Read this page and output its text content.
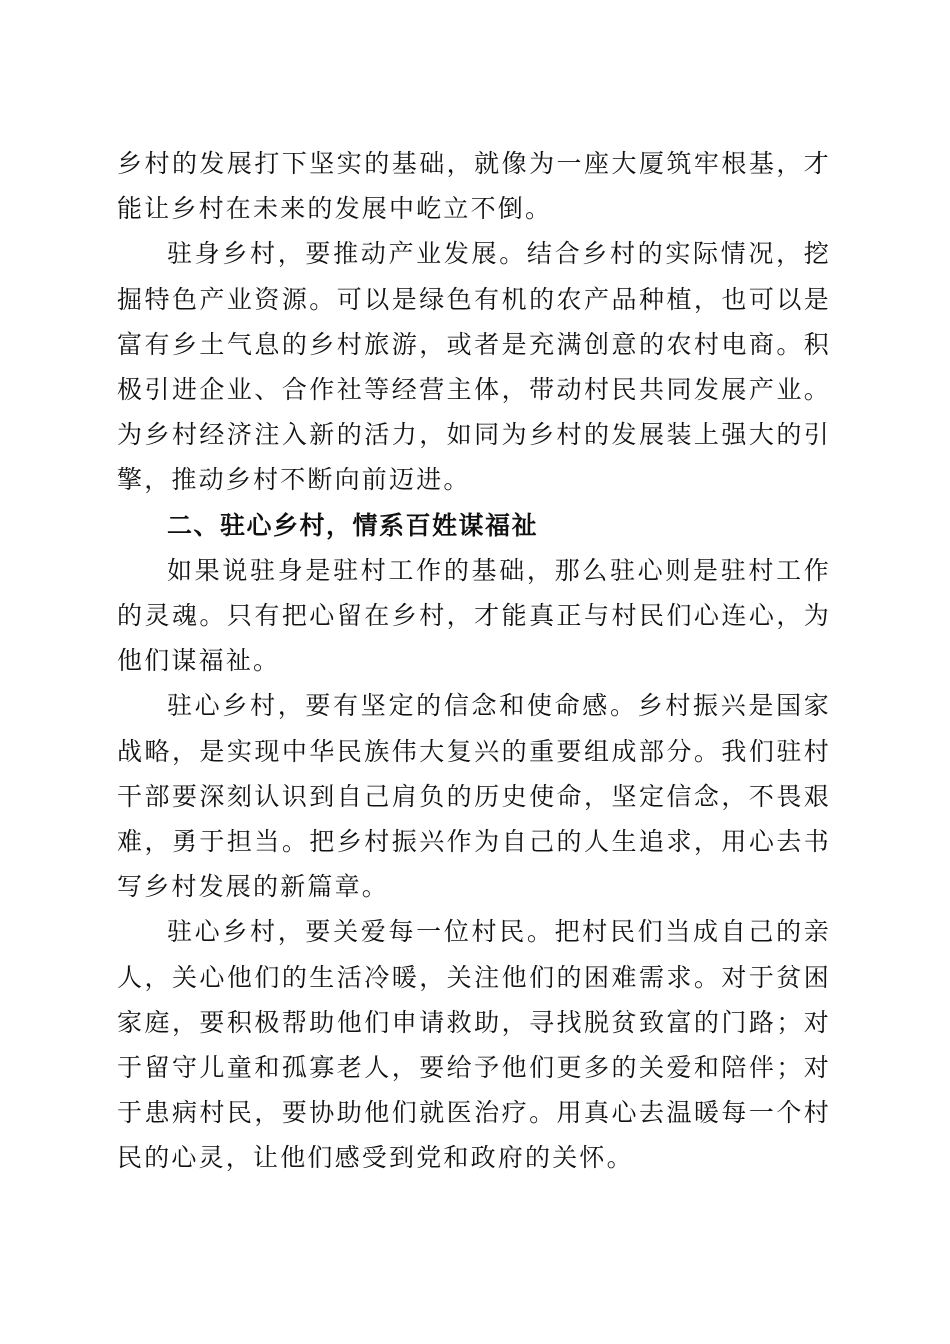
乡村的发展打下坚实的基础，就像为一座大厦筑牢根基，才能让乡村在未来的发展中屹立不倒。

驻身乡村，要推动产业发展。结合乡村的实际情况，挖掘特色产业资源。可以是绿色有机的农产品种植，也可以是富有乡土气息的乡村旅游，或者是充满创意的农村电商。积极引进企业、合作社等经营主体，带动村民共同发展产业。为乡村经济注入新的活力，如同为乡村的发展装上强大的引擎，推动乡村不断向前迈进。

二、驻心乡村，情系百姓谋福祉

如果说驻身是驻村工作的基础，那么驻心则是驻村工作的灵魂。只有把心留在乡村，才能真正与村民们心连心，为他们谋福祉。

驻心乡村，要有坚定的信念和使命感。乡村振兴是国家战略，是实现中华民族伟大复兴的重要组成部分。我们驻村干部要深刻认识到自己肩负的历史使命，坚定信念，不畏艰难，勇于担当。把乡村振兴作为自己的人生追求，用心去书写乡村发展的新篇章。

驻心乡村，要关爱每一位村民。把村民们当成自己的亲人，关心他们的生活冷暖，关注他们的困难需求。对于贫困家庭，要积极帮助他们申请救助，寻找脱贫致富的门路；对于留守儿童和孤寡老人，要给予他们更多的关爱和陪伴；对于患病村民，要协助他们就医治疗。用真心去温暖每一个村民的心灵，让他们感受到党和政府的关怀。
